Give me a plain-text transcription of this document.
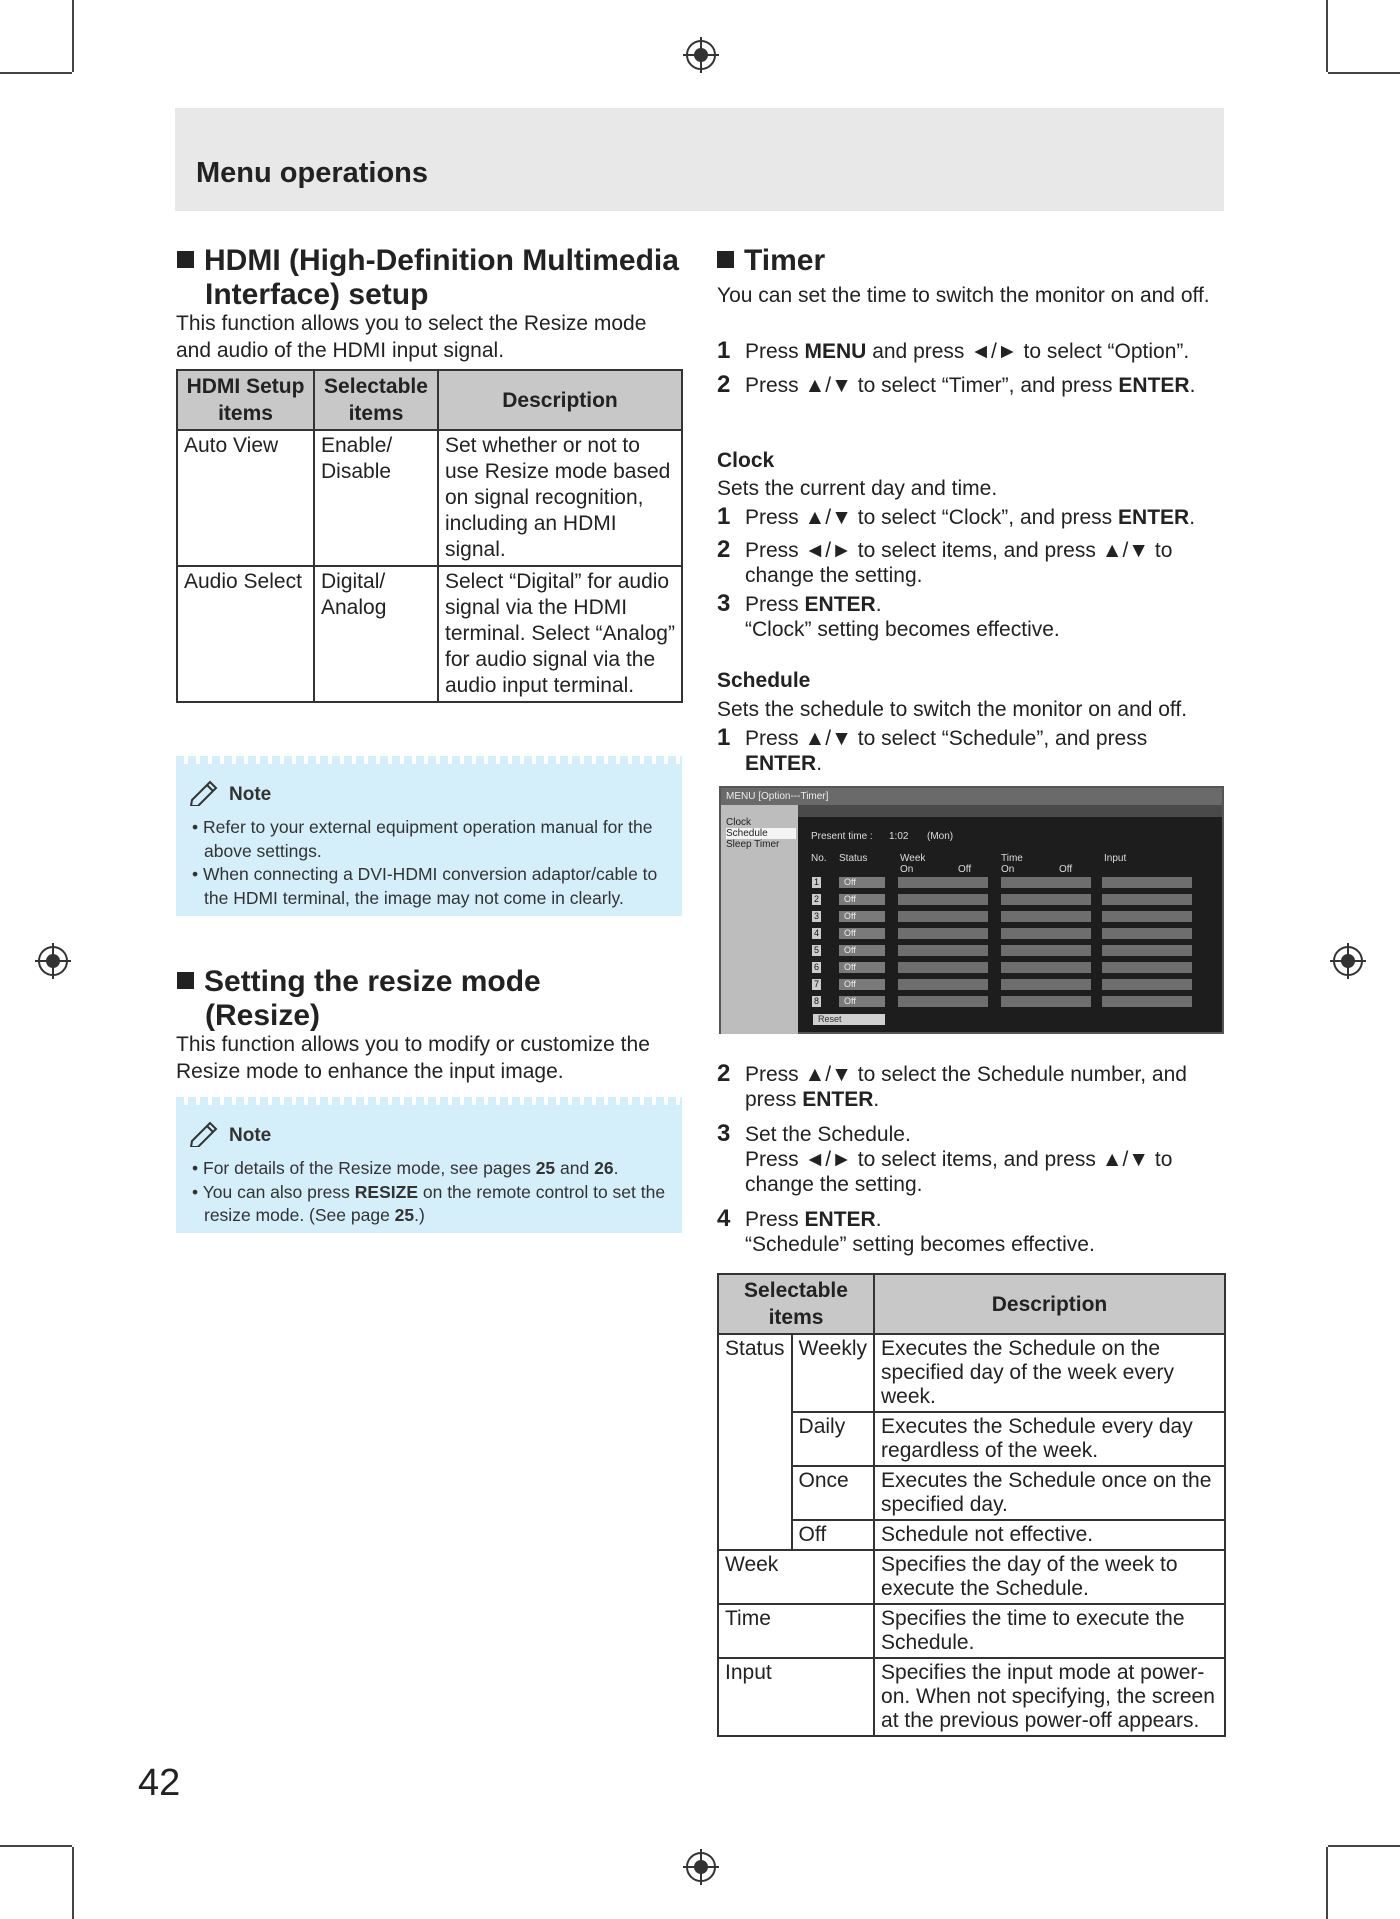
Menu operations
HDMI (High-Definition Multimedia
Interface) setup
This function allows you to select the Resize mode and audio of the HDMI input signal.
HDMI Setup items	Selectable items	Description
Auto View	Enable/ Disable	Set whether or not to use Resize mode based on signal recognition, including an HDMI signal.
Audio Select	Digital/ Analog	Select “Digital” for audio signal via the HDMI terminal. Select “Analog” for audio signal via the audio input terminal.
Note
• Refer to your external equipment operation manual for the above settings.
• When connecting a DVI-HDMI conversion adaptor/cable to the HDMI terminal, the image may not come in clearly.
Setting the resize mode
(Resize)
This function allows you to modify or customize the Resize mode to enhance the input image.
Note
• For details of the Resize mode, see pages 25 and 26.
• You can also press RESIZE on the remote control to set the resize mode. (See page 25.)
Timer
You can set the time to switch the monitor on and off.
1 Press MENU and press ◄/► to select “Option”.
2 Press ▲/▼ to select “Timer”, and press ENTER.
Clock
Sets the current day and time.
1 Press ▲/▼ to select “Clock”, and press ENTER.
2 Press ◄/► to select items, and press ▲/▼ to change the setting.
3 Press ENTER.
“Clock” setting becomes effective.
Schedule
Sets the schedule to switch the monitor on and off.
1 Press ▲/▼ to select “Schedule”, and press ENTER.
MENU [Option---Timer]
Clock
Schedule
Sleep Timer
Present time : 1:02 (Mon)
No. Status	Week	Time	Input
On	Off	On	Off
1	Off
2	Off
3	Off
4	Off
5	Off
6	Off
7	Off
8	Off
Reset
2 Press ▲/▼ to select the Schedule number, and press ENTER.
3 Set the Schedule.
Press ◄/► to select items, and press ▲/▼ to change the setting.
4 Press ENTER.
“Schedule” setting becomes effective.
Selectable items		Description
Status	Weekly	Executes the Schedule on the specified day of the week every week.
	Daily	Executes the Schedule every day regardless of the week.
	Once	Executes the Schedule once on the specified day.
	Off	Schedule not effective.
Week		Specifies the day of the week to execute the Schedule.
Time		Specifies the time to execute the Schedule.
Input		Specifies the input mode at power-on. When not specifying, the screen at the previous power-off appears.
42
